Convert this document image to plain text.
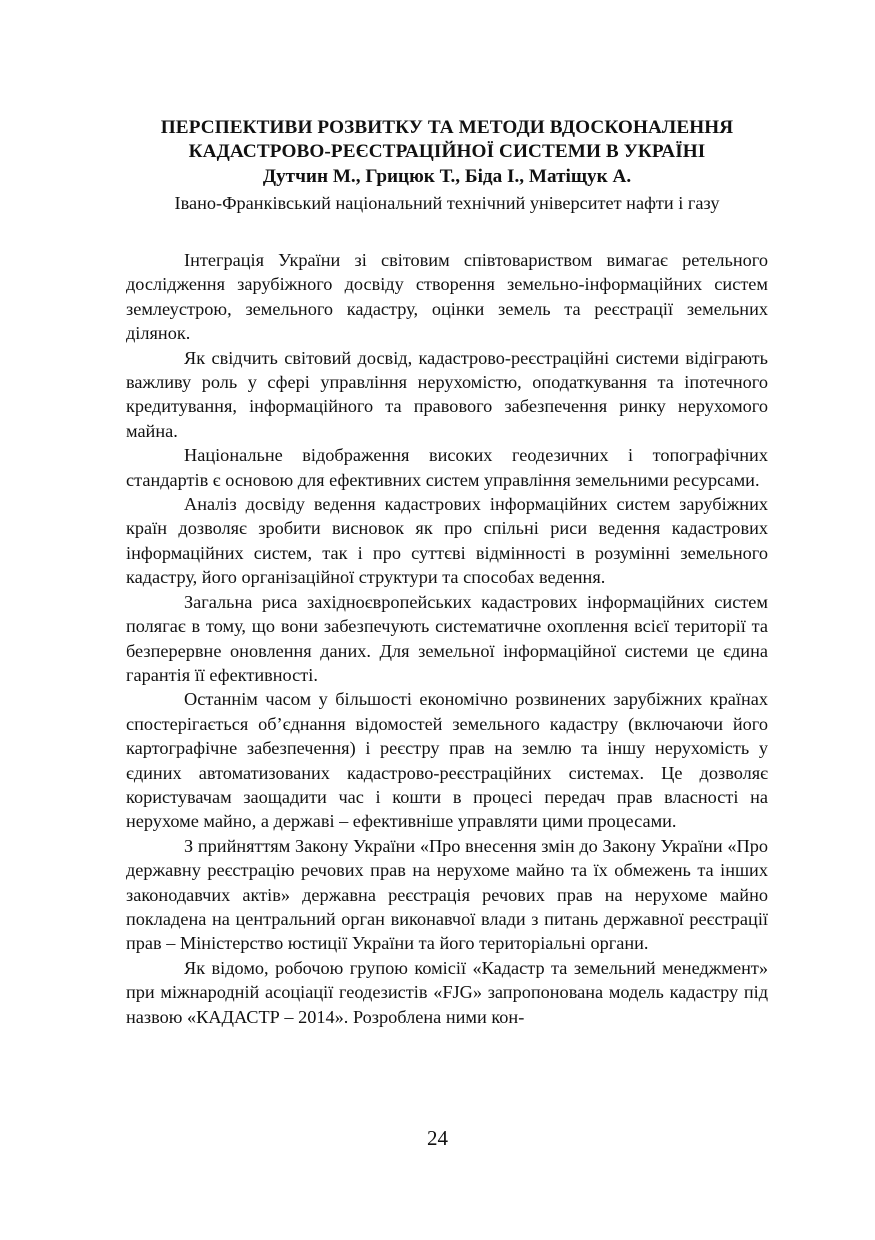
ПЕРСПЕКТИВИ РОЗВИТКУ ТА МЕТОДИ ВДОСКОНАЛЕННЯ

КАДАСТРОВО-РЕЄСТРАЦІЙНОЇ СИСТЕМИ В УКРАЇНІ

Дутчин М., Грицюк Т., Біда І., Матіщук А.

Івано-Франківський національний технічний університет нафти і газу

Інтеграція України зі світовим співтовариством вимагає ретельного дослідження зарубіжного досвіду створення земельно-інформаційних систем землеустрою, земельного кадастру, оцінки земель та реєстрації земельних ділянок.

Як свідчить світовий досвід, кадастрово-реєстраційні системи відіграють важливу роль у сфері управління нерухомістю, оподаткування та іпотечного кредитування, інформаційного та правового забезпечення ринку нерухомого майна.

Національне відображення високих геодезичних і топографічних стандартів є основою для ефективних систем управління земельними ресурсами.

Аналіз досвіду ведення кадастрових інформаційних систем зарубіжних країн дозволяє зробити висновок як про спільні риси ведення кадастрових інформаційних систем, так і про суттєві відмінності в розумінні земельного кадастру, його організаційної структури та способах ведення.

Загальна риса західноєвропейських кадастрових інформаційних систем полягає в тому, що вони забезпечують систематичне охоплення всієї території та безперервне оновлення даних. Для земельної інформаційної системи це єдина гарантія її ефективності.

Останнім часом у більшості економічно розвинених зарубіжних країнах спостерігається об’єднання відомостей земельного кадастру (включаючи його картографічне забезпечення) і реєстру прав на землю та іншу нерухомість у єдиних автоматизованих кадастрово-реєстраційних системах. Це дозволяє користувачам заощадити час і кошти в процесі передач прав власності на нерухоме майно, а державі – ефективніше управляти цими процесами.

З прийняттям Закону України «Про внесення змін до Закону України «Про державну реєстрацію речових прав на нерухоме майно та їх обмежень та інших законодавчих актів» державна реєстрація речових прав на нерухоме майно покладена на центральний орган виконавчої влади з питань державної реєстрації прав – Міністерство юстиції України та його територіальні органи.

Як відомо, робочою групою комісії «Кадастр та земельний менеджмент» при міжнародній асоціації геодезистів «FJG» запропонована модель кадастру під назвою «КАДАСТР – 2014». Розроблена ними кон-

24
